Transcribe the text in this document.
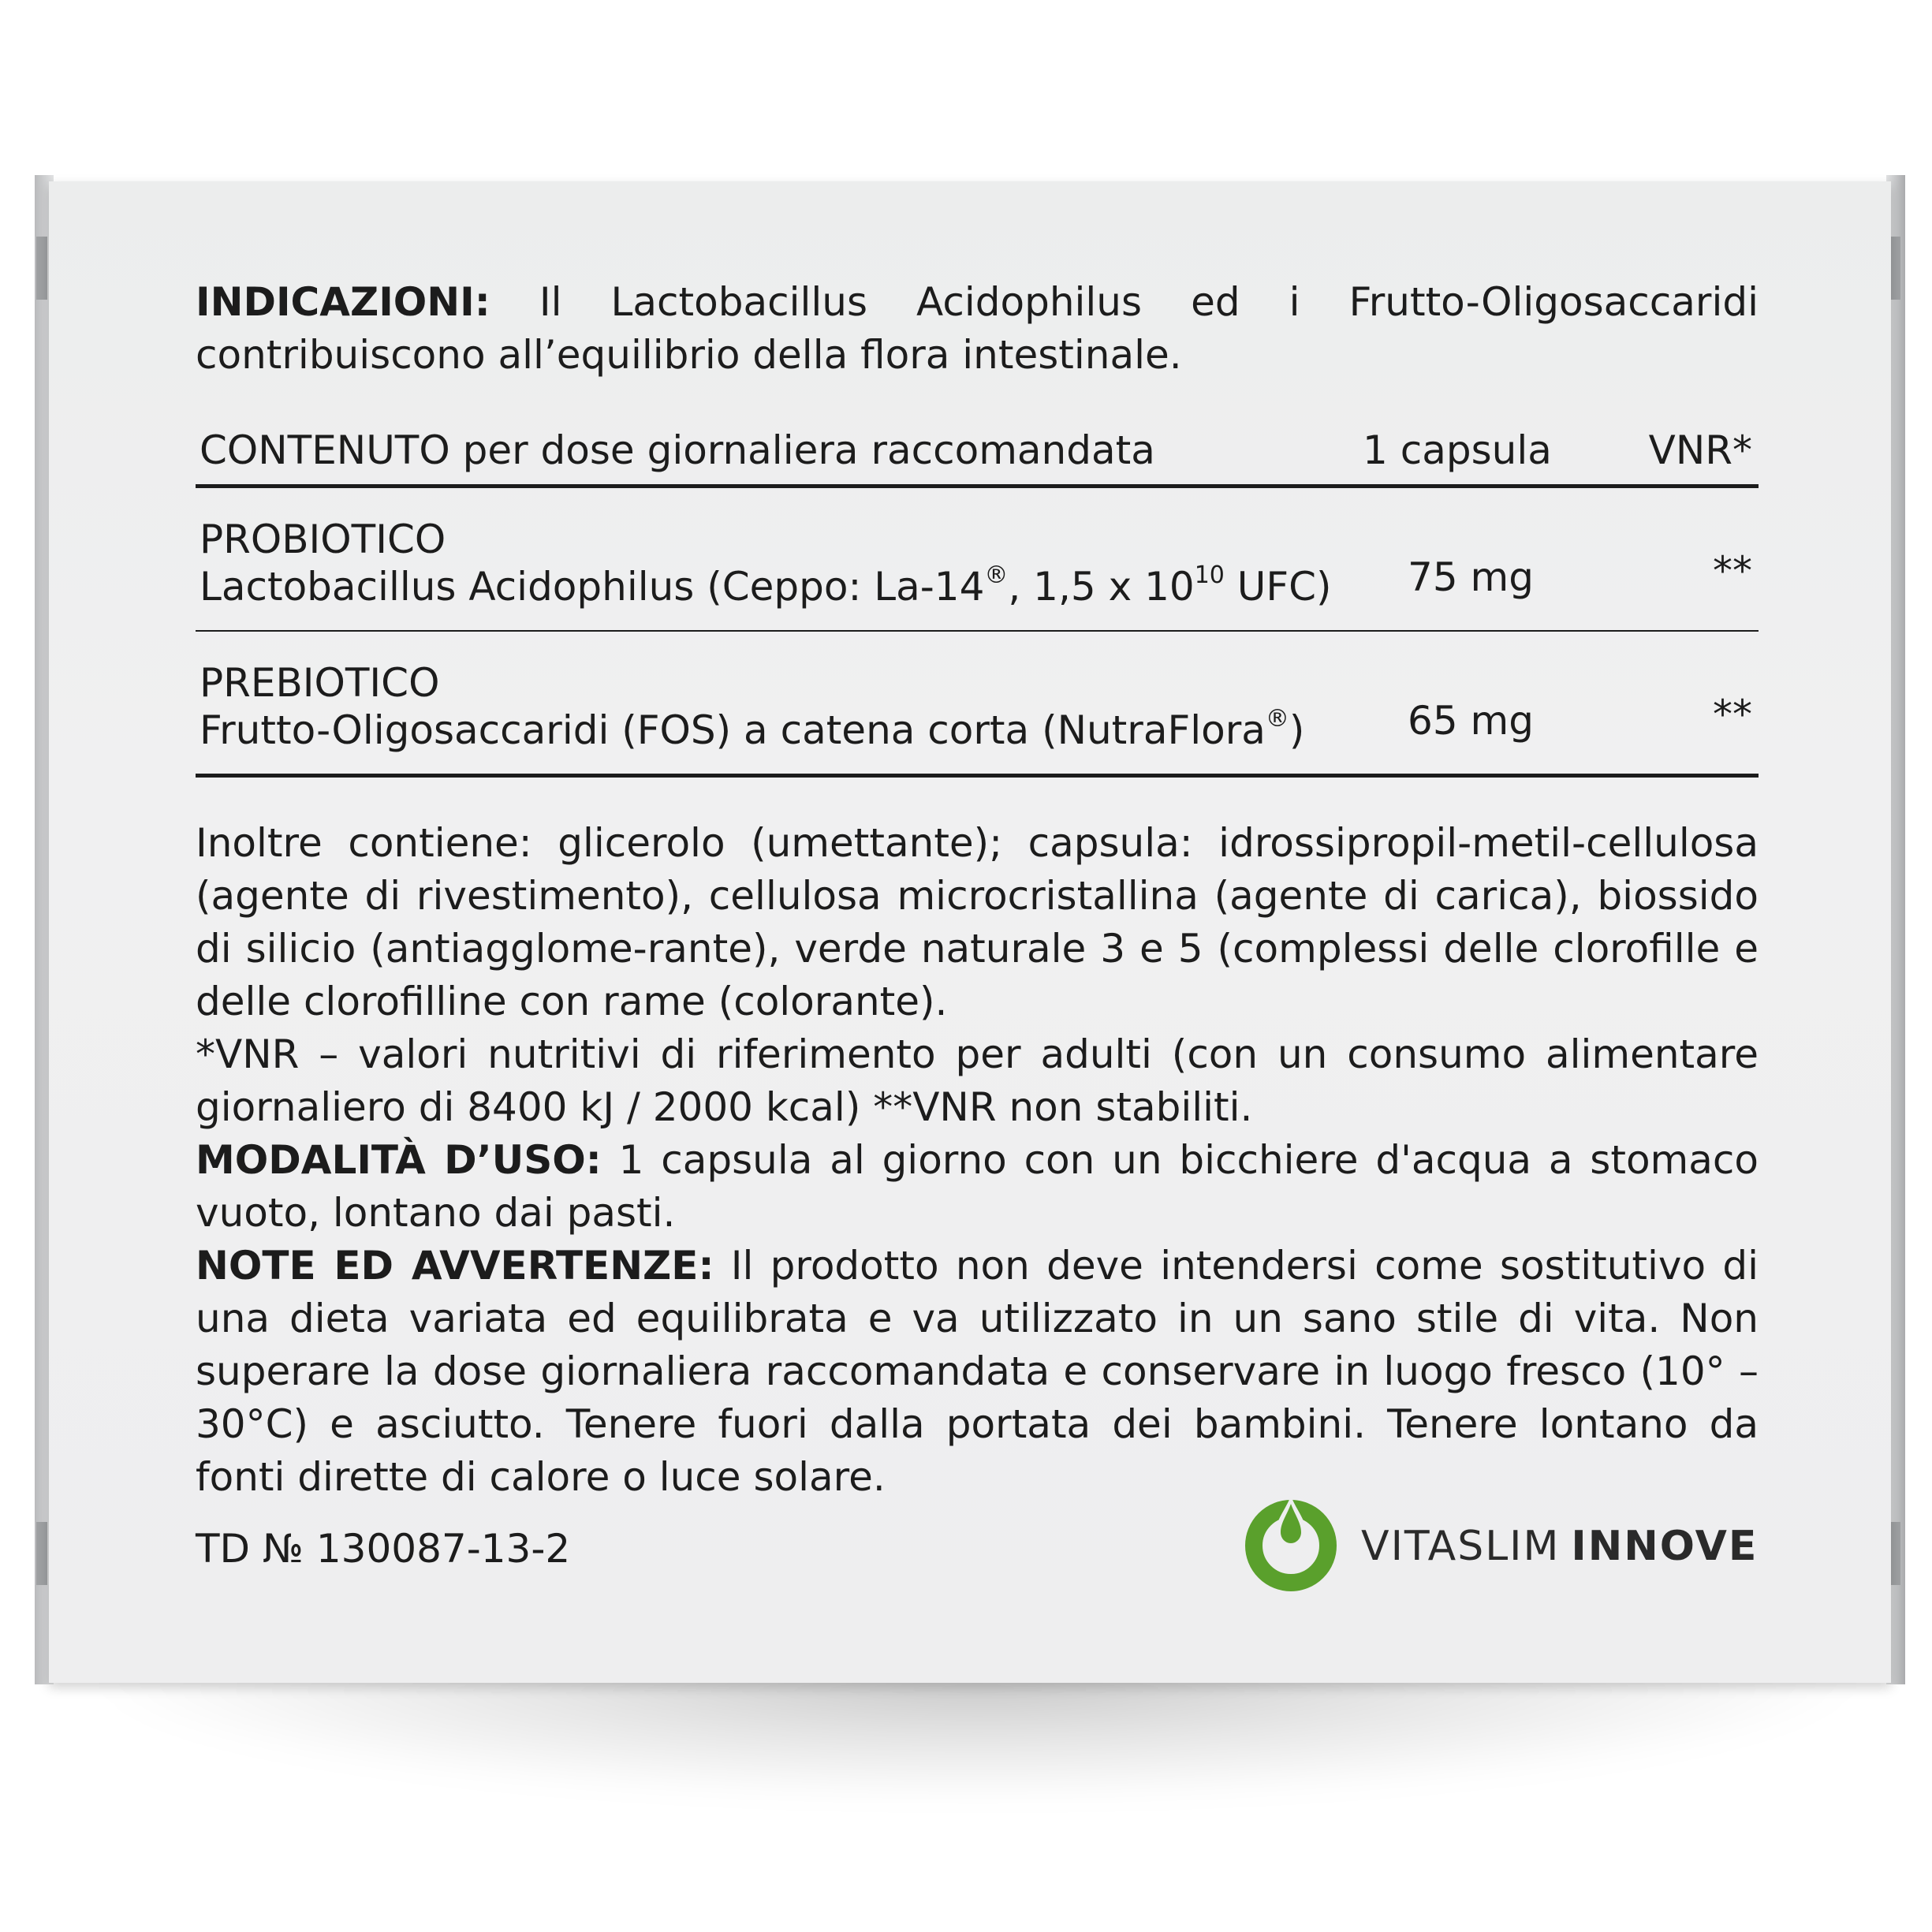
INDICAZIONI: Il Lactobacillus Acidophilus ed i Frutto-Oligosaccaridi contribuiscono all’equilibrio della flora intestinale.

CONTENUTO per dose giornaliera raccomandata	1 capsula	VNR*
PROBIOTICO
Lactobacillus Acidophilus (Ceppo: La-14®, 1,5 x $10^{10}$ UFC) 75 mg	**
PREBIOTICO
Frutto-Oligosaccaridi (FOS) a catena corta (NutraFlora®)	65 mg	**

Inoltre contiene: glicerolo (umettante); capsula: idrossipropil-metil-cellulosa (agente di rivestimento), cellulosa microcristallina (agente di carica), biossido di silicio (antiagglome-rante), verde naturale 3 e 5 (complessi delle clorofille e delle clorofilline con rame (colorante).

*VNR – valori nutritivi di riferimento per adulti (con un consumo alimentare giornaliero di 8400 kJ / 2000 kcal) **VNR non stabiliti.

MODALITÀ D’USO: 1 capsula al giorno con un bicchiere d'acqua a stomaco vuoto, lontano dai pasti.

NOTE ED AVVERTENZE: Il prodotto non deve intendersi come sostitutivo di una dieta variata ed equilibrata e va utilizzato in un sano stile di vita. Non superare la dose giornaliera raccomandata e conservare in luogo fresco (10° – 30°C) e asciutto. Tenere fuori dalla portata dei bambini. Tenere lontano da fonti dirette di calore o luce solare.

TD № 130087-13-2	VITASLIM INNOVE
